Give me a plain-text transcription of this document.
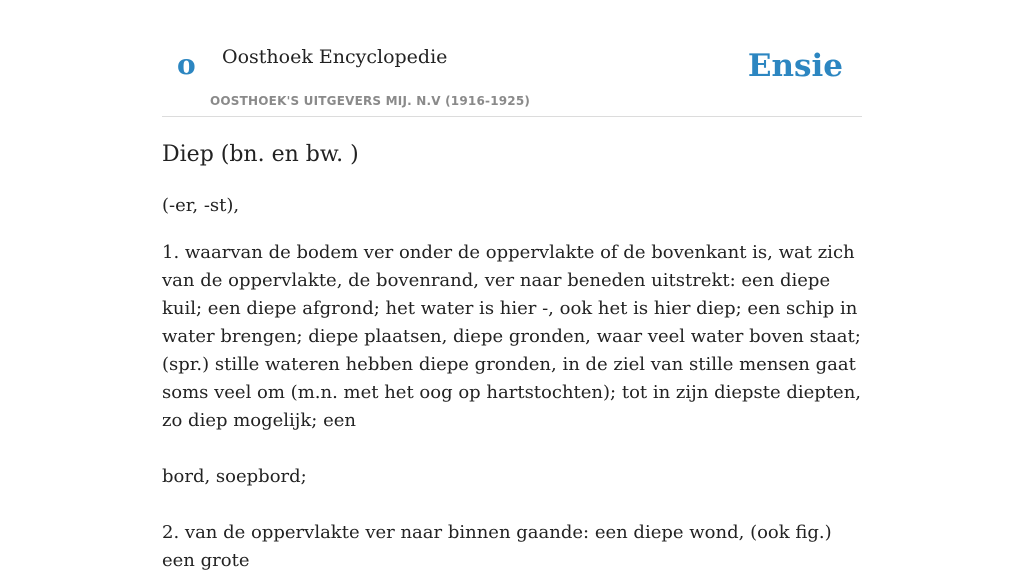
o Oosthoek Encyclopedie
OOSTHOEK'S UITGEVERS MIJ. N.V (1916-1925)
Ensie
Diep (bn. en bw. )

(-er, -st),

1. waarvan de bodem ver onder de oppervlakte of de bovenkant is, wat zich van de oppervlakte, de bovenrand, ver naar beneden uitstrekt: een diepe kuil; een diepe afgrond; het water is hier -, ook het is hier diep; een schip in water brengen; diepe plaatsen, diepe gronden, waar veel water boven staat; (spr.) stille wateren hebben diepe gronden, in de ziel van stille mensen gaat soms veel om (m.n. met het oog op hartstochten); tot in zijn diepste diepten, zo diep mogelijk; een

bord, soepbord;

2. van de oppervlakte ver naar binnen gaande: een diepe wond, (ook fig.) een grote
